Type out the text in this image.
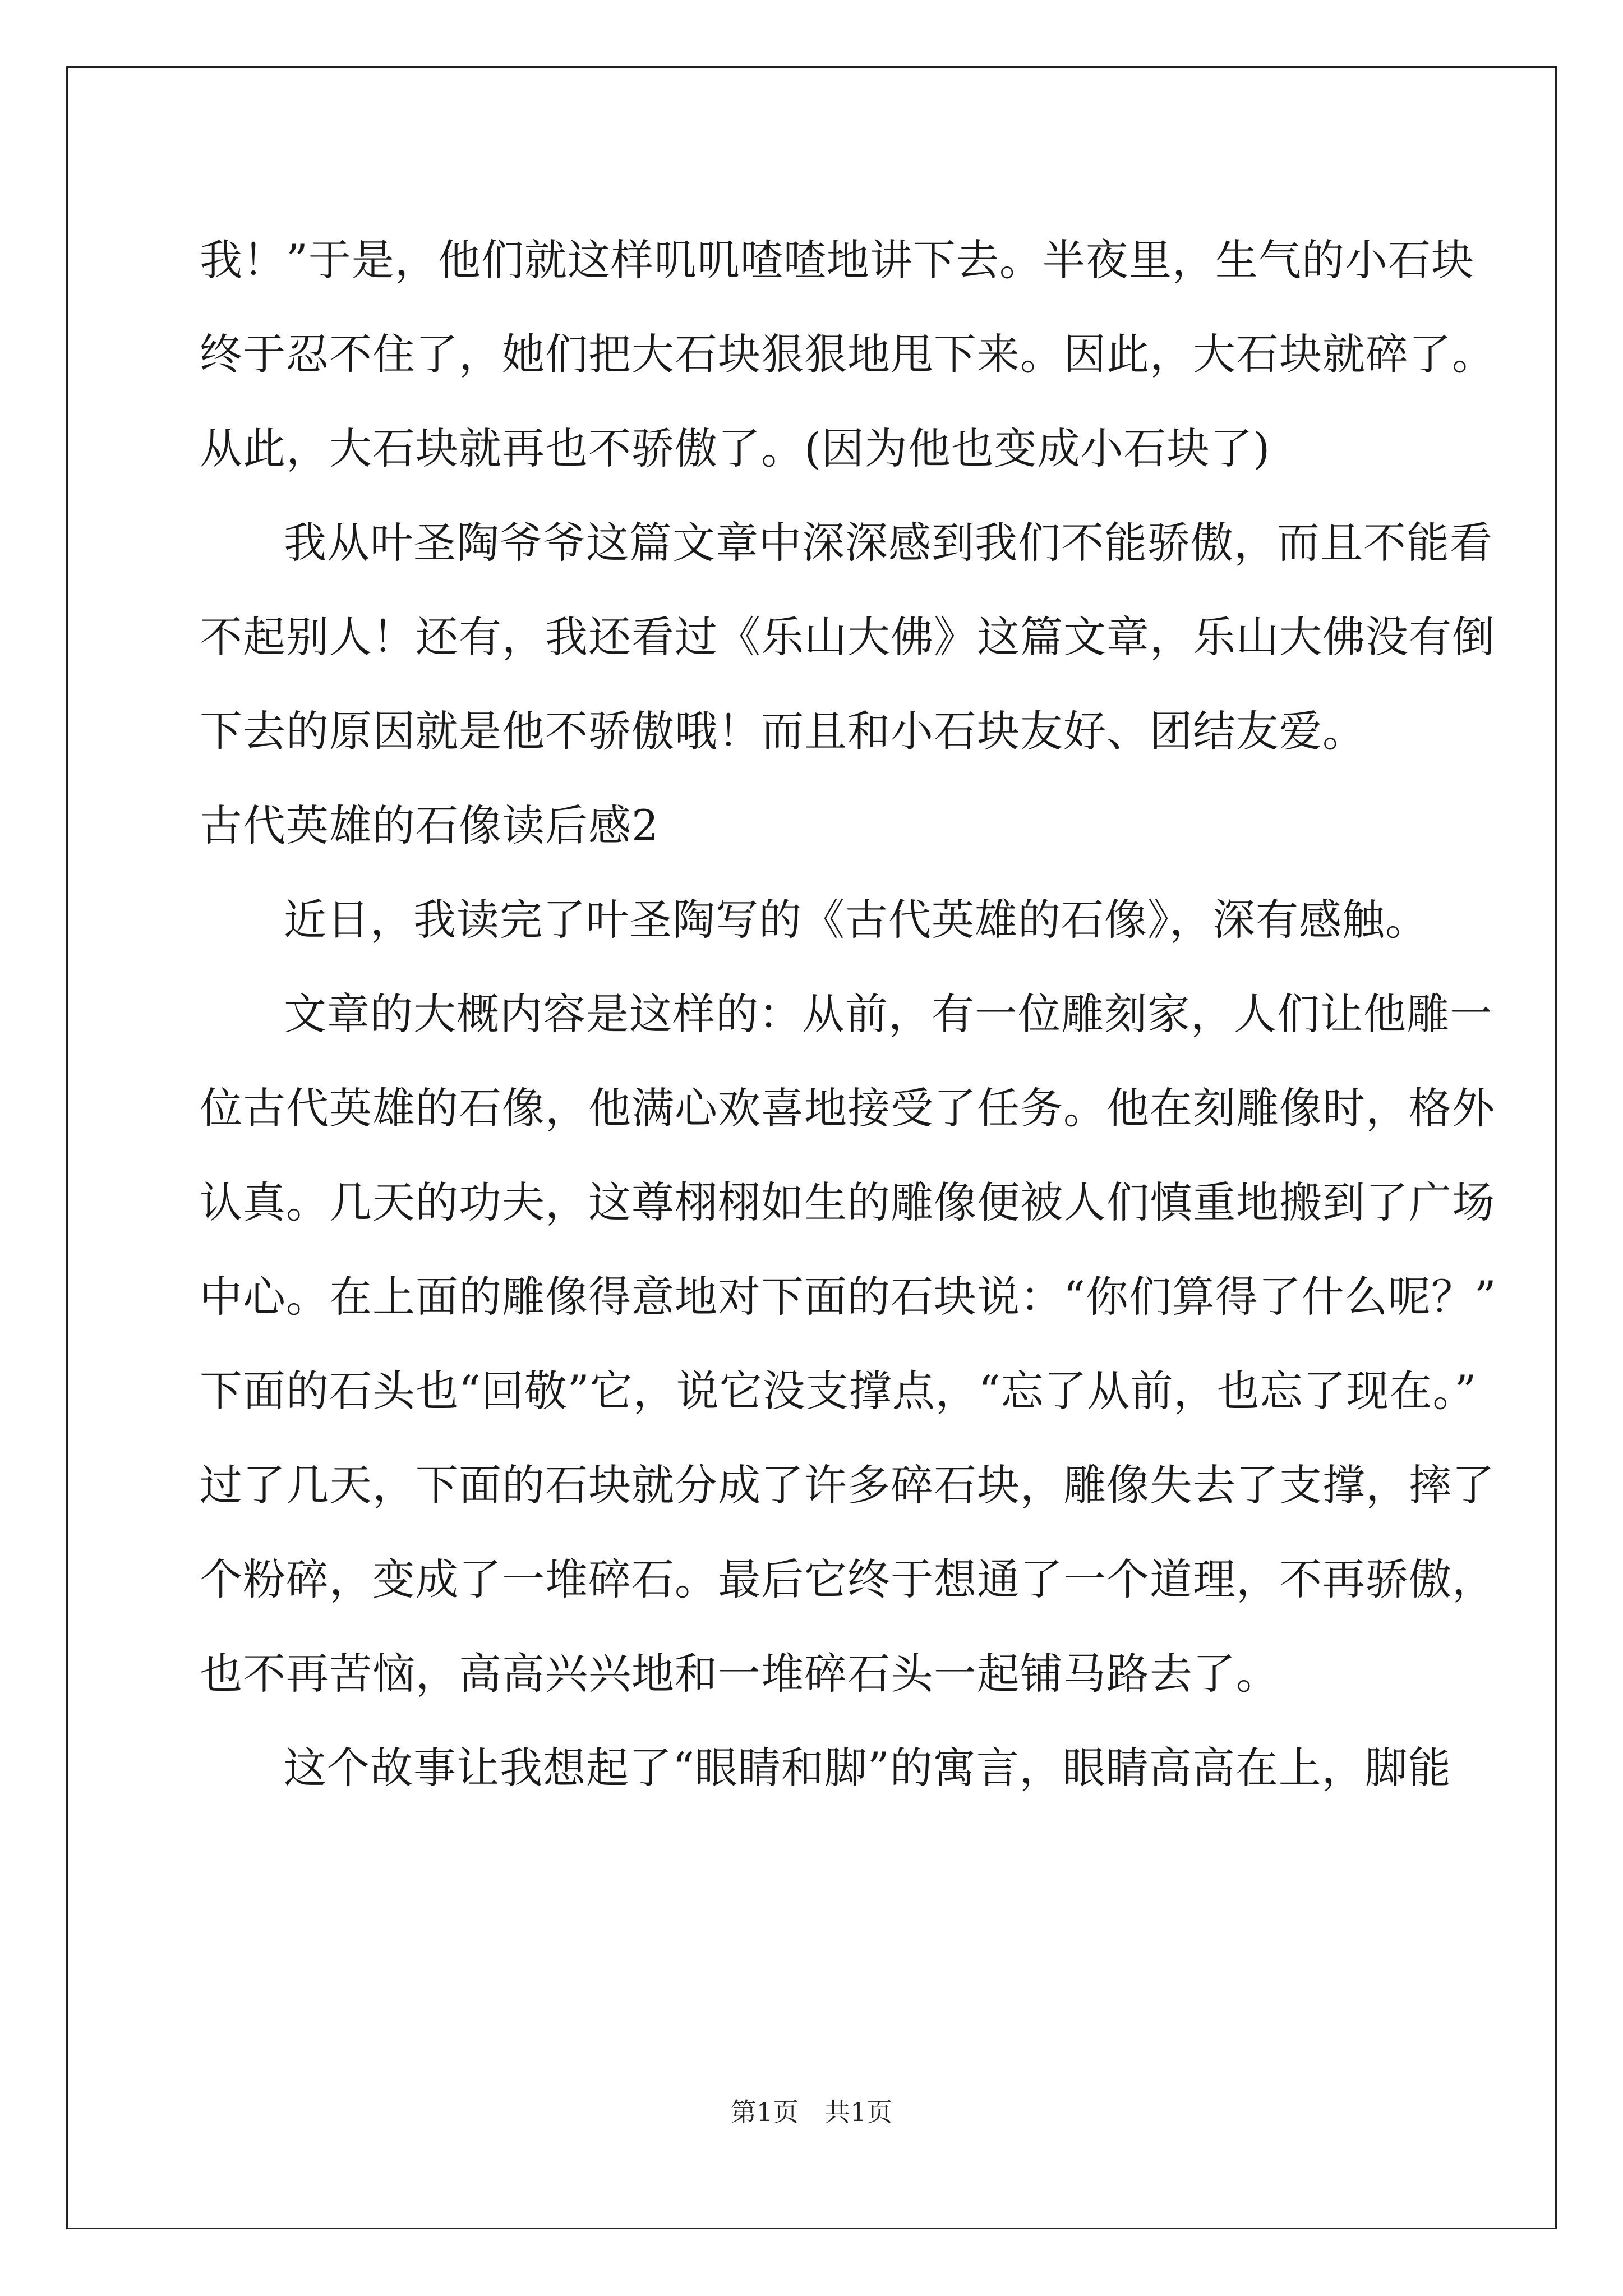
我！”于是，他们就这样叽叽喳喳地讲下去。半夜里，生气的小石块
终于忍不住了，她们把大石块狠狠地甩下来。因此，大石块就碎了。
从此，大石块就再也不骄傲了。(因为他也变成小石块了)
我从叶圣陶爷爷这篇文章中深深感到我们不能骄傲，而且不能看
不起别人！还有，我还看过《乐山大佛》这篇文章，乐山大佛没有倒
下去的原因就是他不骄傲哦！而且和小石块友好、团结友爱。
古代英雄的石像读后感2
近日，我读完了叶圣陶写的《古代英雄的石像》，深有感触。
文章的大概内容是这样的：从前，有一位雕刻家，人们让他雕一
位古代英雄的石像，他满心欢喜地接受了任务。他在刻雕像时，格外
认真。几天的功夫，这尊栩栩如生的雕像便被人们慎重地搬到了广场
中心。在上面的雕像得意地对下面的石块说：“你们算得了什么呢？”
下面的石头也“回敬”它，说它没支撑点，“忘了从前，也忘了现在。”
过了几天，下面的石块就分成了许多碎石块，雕像失去了支撑，摔了
个粉碎，变成了一堆碎石。最后它终于想通了一个道理，不再骄傲，
也不再苦恼，高高兴兴地和一堆碎石头一起铺马路去了。
这个故事让我想起了“眼睛和脚”的寓言，眼睛高高在上，脚能
第1页 共1页
